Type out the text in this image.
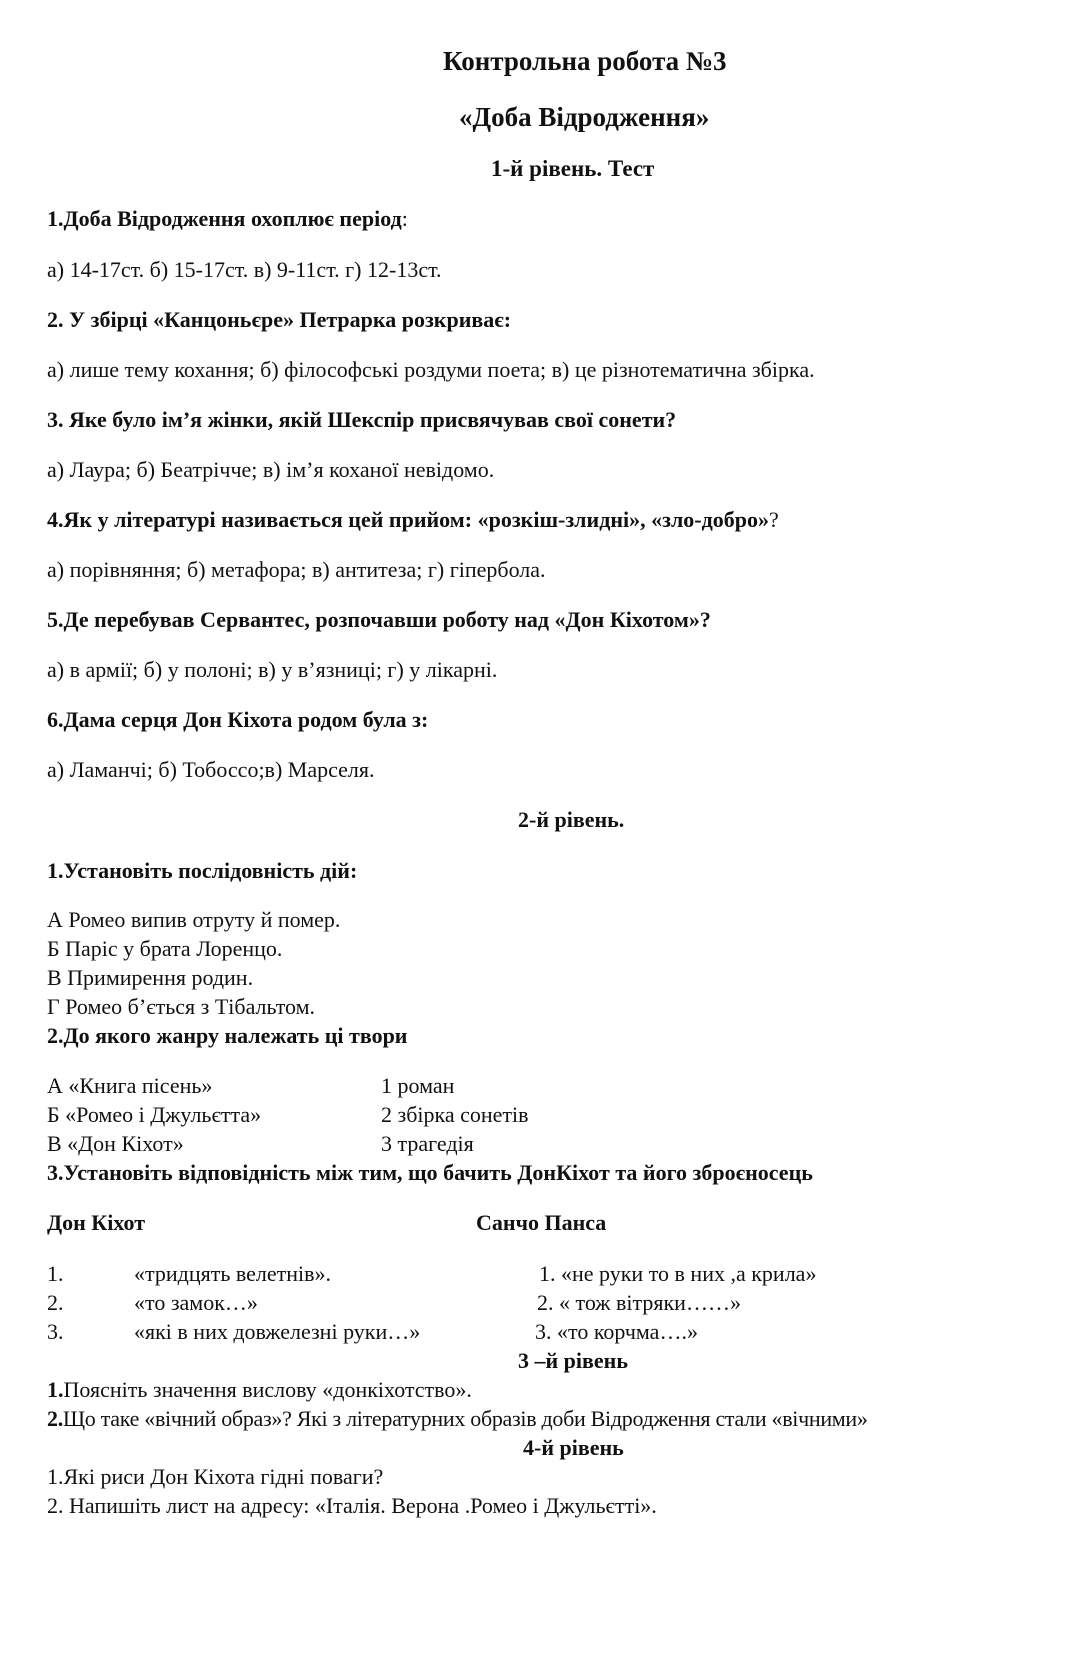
Контрольна робота №3
«Доба Відродження»
1-й рівень. Тест
1.Доба Відродження охоплює період:
а) 14-17ст. б) 15-17ст. в) 9-11ст. г) 12-13ст.
2. У збірці «Канцоньєре» Петрарка розкриває:
а) лише тему кохання; б) філософські роздуми поета; в) це різнотематична збірка.
3. Яке було ім’я жінки, якій Шекспір присвячував свої сонети?
а) Лаура; б) Беатрічче; в) ім’я коханої невідомо.
4.Як у літературі називається цей прийом: «розкіш-злидні», «зло-добро»?
а) порівняння; б) метафора; в) антитеза; г) гіпербола.
5.Де перебував Сервантес, розпочавши роботу над «Дон Кіхотом»?
а) в армії; б) у полоні; в) у в’язниці; г) у лікарні.
6.Дама серця Дон Кіхота родом була з:
а) Ламанчі; б) Тобоссо;в) Марселя.
2-й рівень.
1.Установіть послідовність дій:
А Ромео випив отруту й помер.
Б Паріс у брата Лоренцо.
В Примирення родин.
Г Ромео б’ється з Тібальтом.
2.До якого жанру належать ці твори
А «Книга пісень»
Б «Ромео і Джульєтта»
В «Дон Кіхот»
1 роман
2 збірка сонетів
3 трагедія
3.Установіть відповідність між тим, що бачить ДонКіхот та його зброєносець
Дон Кіхот	Санчо Панса
1.
2.
3.
«тридцять велетнів».
«то замок…»
«які в них довжелезні руки…»
1. «не руки то в них ,а крила»
2. « тож вітряки……»
3. «то корчма….»
3 –й рівень
1.Поясніть значення вислову «донкіхотство».
2.Що таке «вічний образ»? Які з літературних образів доби Відродження стали «вічними»
4-й рівень
1.Які риси Дон Кіхота гідні поваги?
2. Напишіть лист на адресу: «Італія. Верона .Ромео і Джульєтті».
